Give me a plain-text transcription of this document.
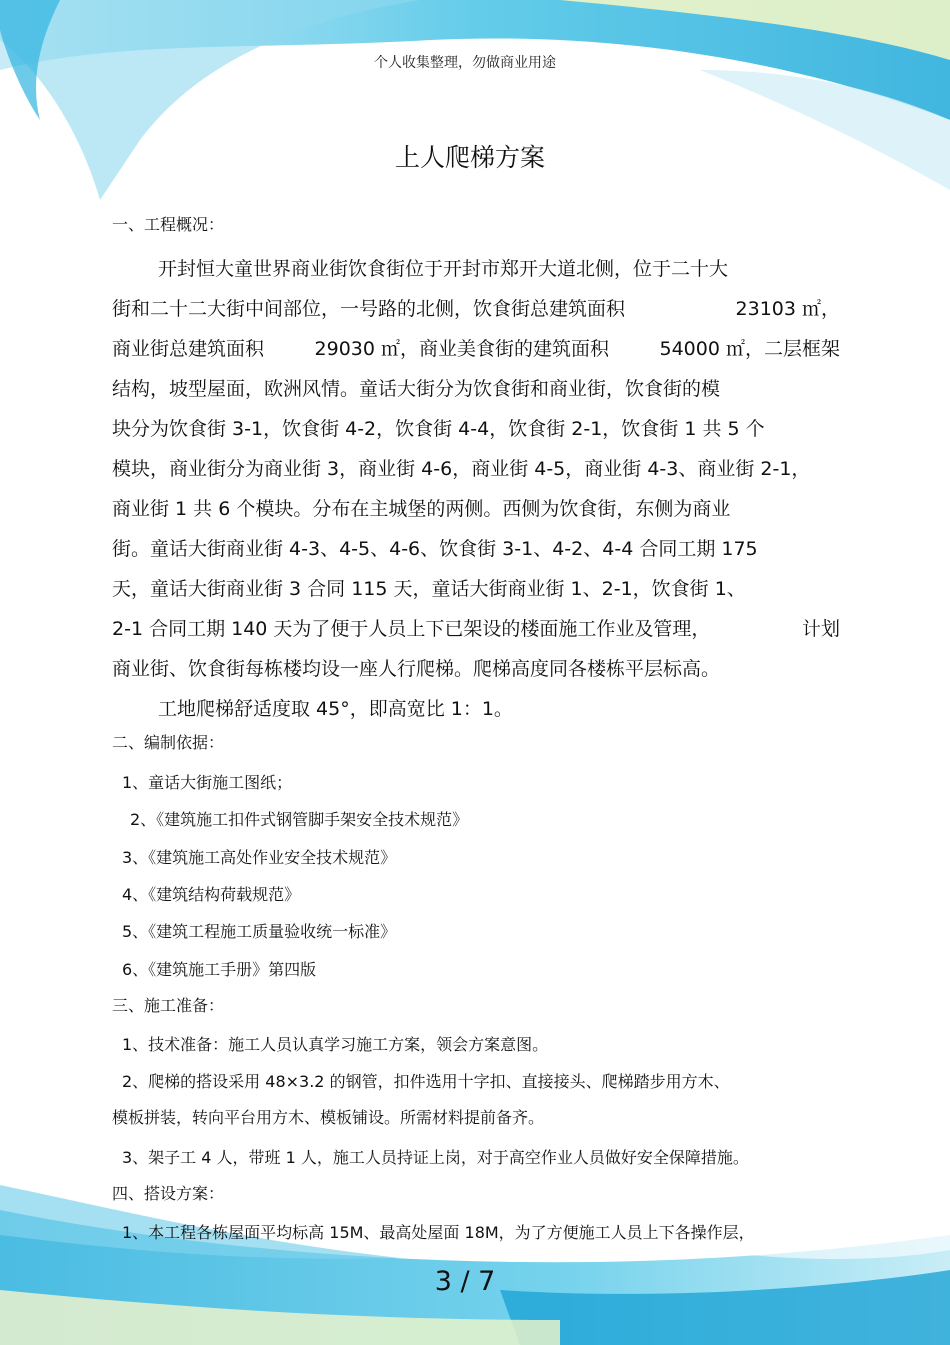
个人收集整理，勿做商业用途
上人爬梯方案
一、工程概况：
开封恒大童世界商业街饮食街位于开封市郑开大道北侧，位于二十大
街和二十二大街中间部位，一号路的北侧，饮食街总建筑面积	23103 ㎡，
商业街总建筑面积	29030 ㎡，商业美食街的建筑面积	54000 ㎡，二层框架
结构，坡型屋面，欧洲风情。童话大街分为饮食街和商业街，饮食街的模
块分为饮食街 3-1，饮食街 4-2，饮食街 4-4，饮食街 2-1，饮食街 1 共 5 个
模块，商业街分为商业街 3，商业街 4-6，商业街 4-5，商业街 4-3、商业街 2-1，
商业街 1 共 6 个模块。分布在主城堡的两侧。西侧为饮食街，东侧为商业
街。童话大街商业街 4-3、4-5、4-6、饮食街 3-1、4-2、4-4 合同工期 175
天，童话大街商业街 3 合同 115 天，童话大街商业街 1、2-1，饮食街 1、
2-1 合同工期 140 天为了便于人员上下已架设的楼面施工作业及管理，	计划
商业街、饮食街每栋楼均设一座人行爬梯。爬梯高度同各楼栋平层标高。
工地爬梯舒适度取 45°，即高宽比 1：1。
二、编制依据：
1、童话大街施工图纸；
2、《建筑施工扣件式钢管脚手架安全技术规范》
3、《建筑施工高处作业安全技术规范》
4、《建筑结构荷载规范》
5、《建筑工程施工质量验收统一标准》
6、《建筑施工手册》第四版
三、施工准备：
1、技术准备：施工人员认真学习施工方案，领会方案意图。
2、爬梯的搭设采用 48×3.2 的钢管，扣件选用十字扣、直接接头、爬梯踏步用方木、
模板拼装，转向平台用方木、模板铺设。所需材料提前备齐。
3、架子工 4 人，带班 1 人，施工人员持证上岗，对于高空作业人员做好安全保障措施。
四、搭设方案：
1、本工程各栋屋面平均标高 15M、最高处屋面 18M，为了方便施工人员上下各操作层，
3 / 7
